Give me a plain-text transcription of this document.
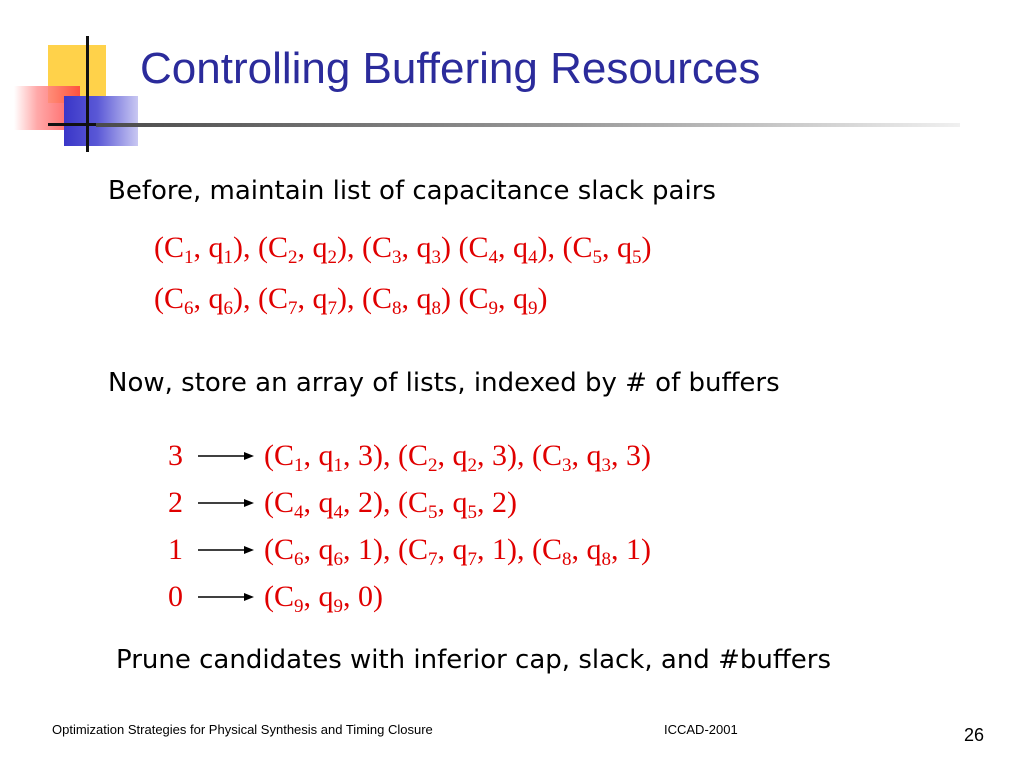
Controlling Buffering Resources

Before, maintain list of capacitance slack pairs

($C_1$, $q_1$), ($C_2$, $q_2$), ($C_3$, $q_3$) ($C_4$, $q_4$), ($C_5$, $q_5$)

($C_6$, $q_6$), ($C_7$, $q_7$), ($C_8$, $q_8$) ($C_9$, $q_9$)

Now, store an array of lists, indexed by # of buffers

3	($C_1$, $q_1$, 3), ($C_2$, $q_2$, 3), ($C_3$, $q_3$, 3)
2	($C_4$, $q_4$, 2), ($C_5$, $q_5$, 2)
1	($C_6$, $q_6$, 1), ($C_7$, $q_7$, 1), ($C_8$, $q_8$, 1)
0	($C_9$, $q_9$, 0)

Prune candidates with inferior cap, slack, and #buffers

Optimization Strategies for Physical Synthesis and Timing Closure	ICCAD-2001	26
